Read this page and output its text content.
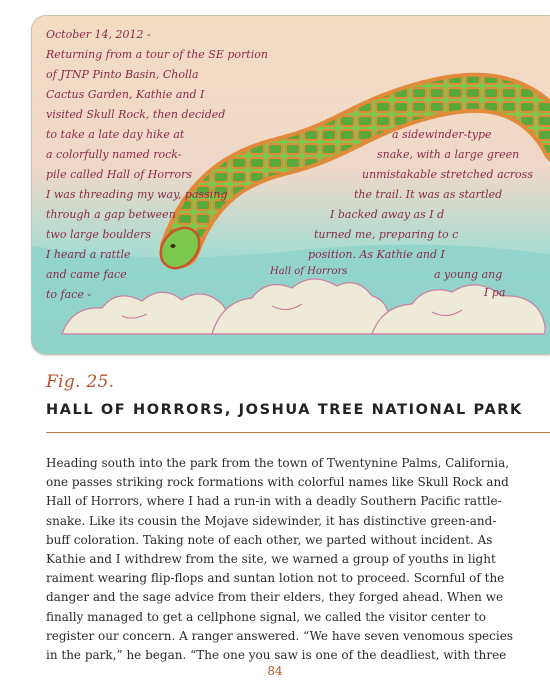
October 14, 2012 -
Returning from a tour of the SE portion
of JTNP Pinto Basin, Cholla
Cactus Garden, Kathie and I
visited Skull Rock, then decided
to take a late day hike at
a colorfully named rock-
pile called Hall of Horrors
I was threading my way, passing
through a gap between
two large boulders
I heard a rattle
and came face
to face -
a sidewinder-type
snake, with a large green
unmistakable stretched across
the trail. It was as startled
I backed away as I d
turned me, preparing to c
position. As Kathie and I
a young ang
I pa
Hall of Horrors

Fig. 25.

HALL OF HORRORS, JOSHUA TREE NATIONAL PARK

Heading south into the park from the town of Twentynine Palms, California,
one passes striking rock formations with colorful names like Skull Rock and
Hall of Horrors, where I had a run-in with a deadly Southern Pacific rattle-
snake. Like its cousin the Mojave sidewinder, it has distinctive green-and-
buff coloration. Taking note of each other, we parted without incident. As
Kathie and I withdrew from the site, we warned a group of youths in light
raiment wearing flip-flops and suntan lotion not to proceed. Scornful of the
danger and the sage advice from their elders, they forged ahead. When we
finally managed to get a cellphone signal, we called the visitor center to
register our concern. A ranger answered. “We have seven venomous species
in the park,” he began. “The one you saw is one of the deadliest, with three

84
